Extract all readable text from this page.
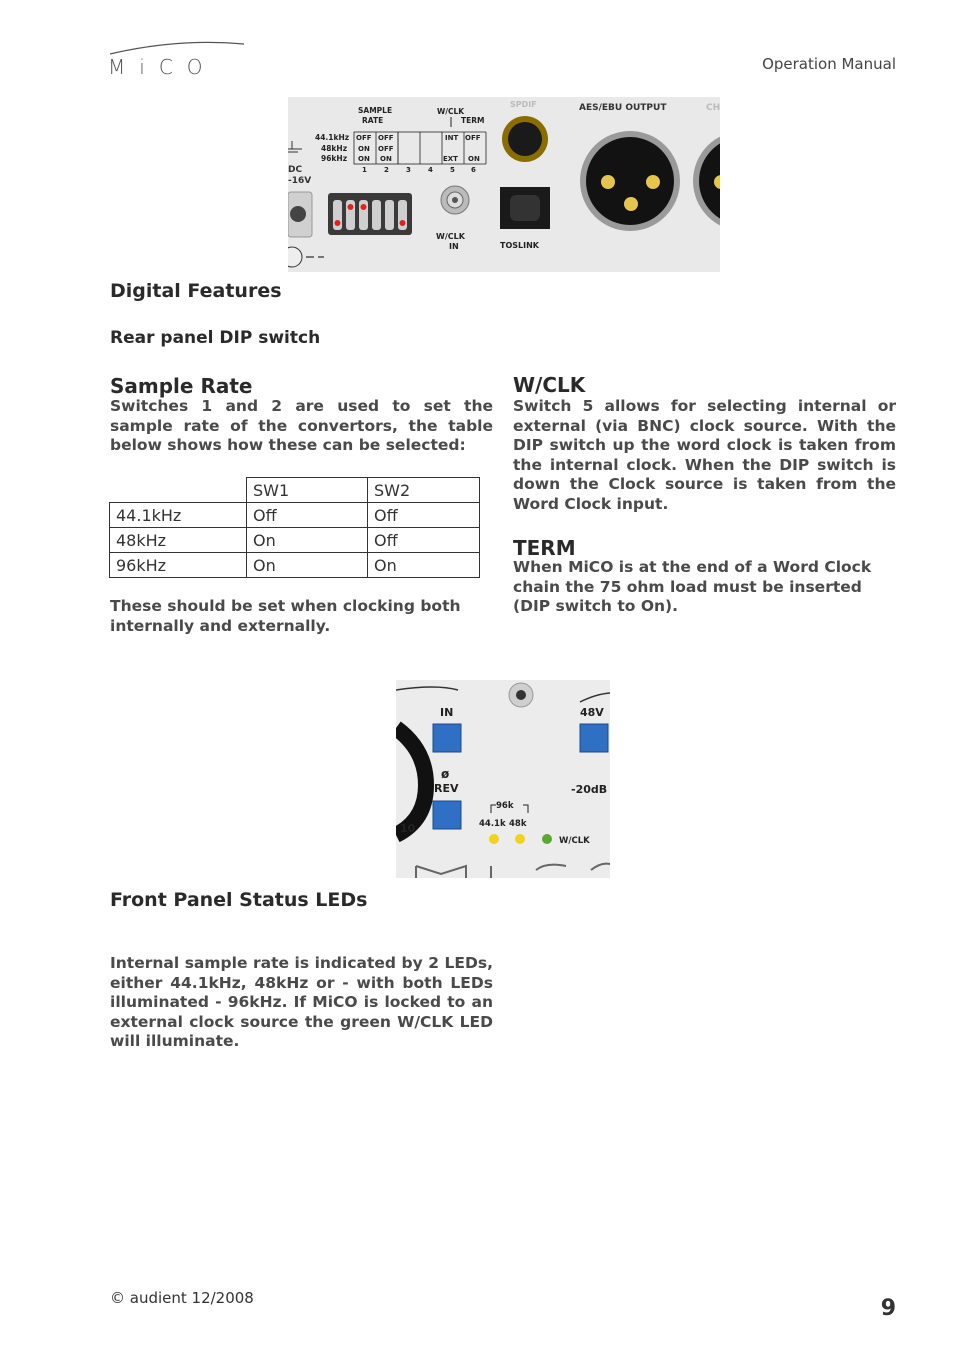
MiCO	Operation Manual
SAMPLE
RATE
W/CLK
TERM
SPDIF	AES/EBU OUTPUT	CH
44.1kHz
48kHz
96kHz
OFF OFF
ON OFF
ON ON
INT OFF
EXT ON
1 2 3 4 5 6
DC
-16V
W/CLK
IN	TOSLINK
Digital Features
Rear panel DIP switch
Sample Rate

Switches 1 and 2 are used to set the sample rate of the convertors, the table below shows how these can be selected:

	SW1	SW2
44.1kHz	Off	Off
48kHz	On	Off
96kHz	On	On

These should be set when clocking both internally and externally.

W/CLK

Switch 5 allows for selecting internal or external (via BNC) clock source. With the DIP switch up the word clock is taken from the internal clock. When the DIP switch is down the Clock source is taken from the Word Clock input.

TERM

When MiCO is at the end of a Word Clock chain the 75 ohm load must be inserted (DIP switch to On).

IN	48V
ø
REV	-20dB
10
96k
44.1k 48k
W/CLK
Front Panel Status LEDs

Internal sample rate is indicated by 2 LEDs, either 44.1kHz, 48kHz or - with both LEDs illuminated - 96kHz. If MiCO is locked to an external clock source the green W/CLK LED will illuminate.

© audient 12/2008	9
